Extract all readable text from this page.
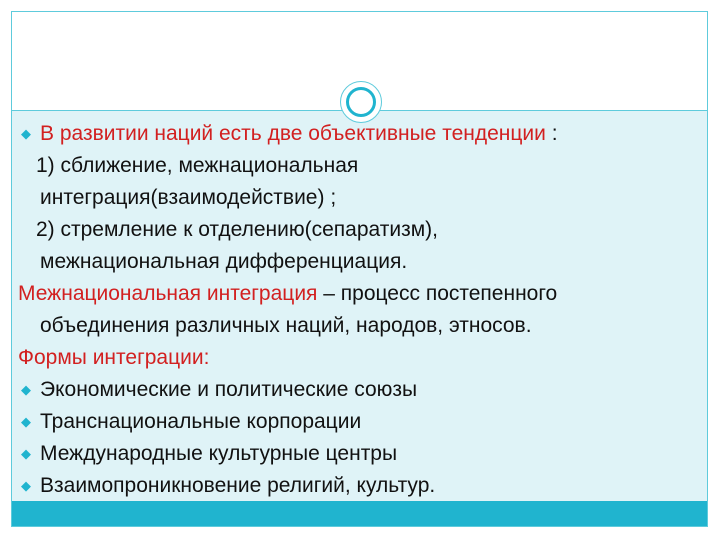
◆ В развитии наций есть две объективные тенденции :
1) сближение, межнациональная
интеграция(взаимодействие) ;
2) стремление к отделению(сепаратизм),
межнациональная дифференциация.
Межнациональная интеграция – процесс постепенного
объединения различных наций, народов, этносов.
Формы интеграции:
◆ Экономические и политические союзы
◆ Транснациональные корпорации
◆ Международные культурные центры
◆ Взаимопроникновение религий, культур.
